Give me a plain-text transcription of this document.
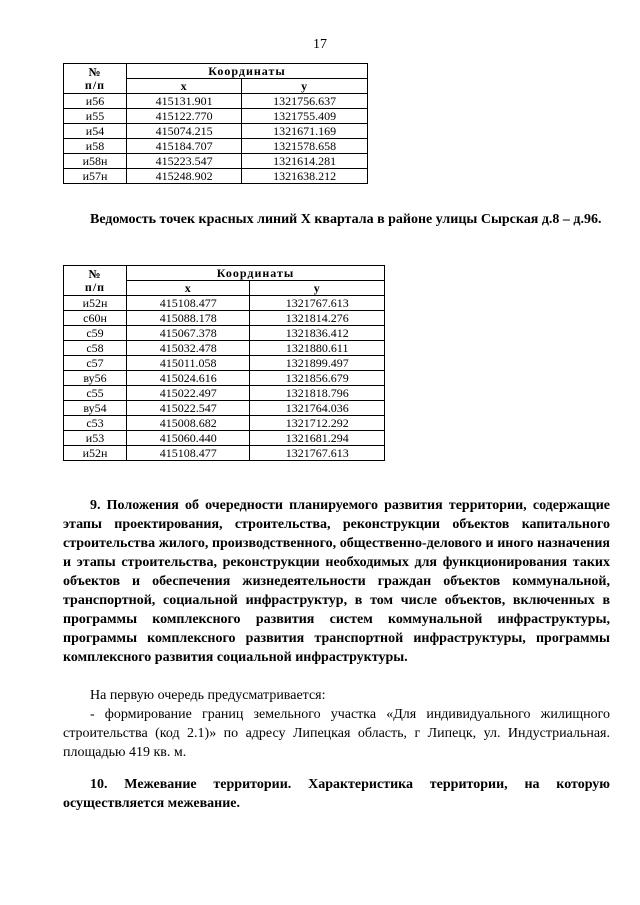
17
№
п/п	Координаты	
	x	y
и56	415131.901	1321756.637
и55	415122.770	1321755.409
и54	415074.215	1321671.169
и58	415184.707	1321578.658
и58н	415223.547	1321614.281
и57н	415248.902	1321638.212
Ведомость точек красных линий X квартала в районе улицы Сырская д.8 – д.96.
№
п/п	Координаты	
	x	y
и52н	415108.477	1321767.613
с60н	415088.178	1321814.276
с59	415067.378	1321836.412
с58	415032.478	1321880.611
с57	415011.058	1321899.497
ву56	415024.616	1321856.679
с55	415022.497	1321818.796
ву54	415022.547	1321764.036
с53	415008.682	1321712.292
и53	415060.440	1321681.294
и52н	415108.477	1321767.613
9. Положения об очередности планируемого развития территории, содержащие этапы проектирования, строительства, реконструкции объектов капитального строительства жилого, производственного, общественно-делового и иного назначения и этапы строительства, реконструкции необходимых для функционирования таких объектов и обеспечения жизнедеятельности граждан объектов коммунальной, транспортной, социальной инфраструктур, в том числе объектов, включенных в программы комплексного развития систем коммунальной инфраструктуры, программы комплексного развития транспортной инфраструктуры, программы комплексного развития социальной инфраструктуры.
На первую очередь предусматривается:
- формирование границ земельного участка «Для индивидуального жилищного строительства (код 2.1)» по адресу Липецкая область, г Липецк, ул. Индустриальная. площадью 419 кв. м.
10. Межевание территории. Характеристика территории, на которую осуществляется межевание.
